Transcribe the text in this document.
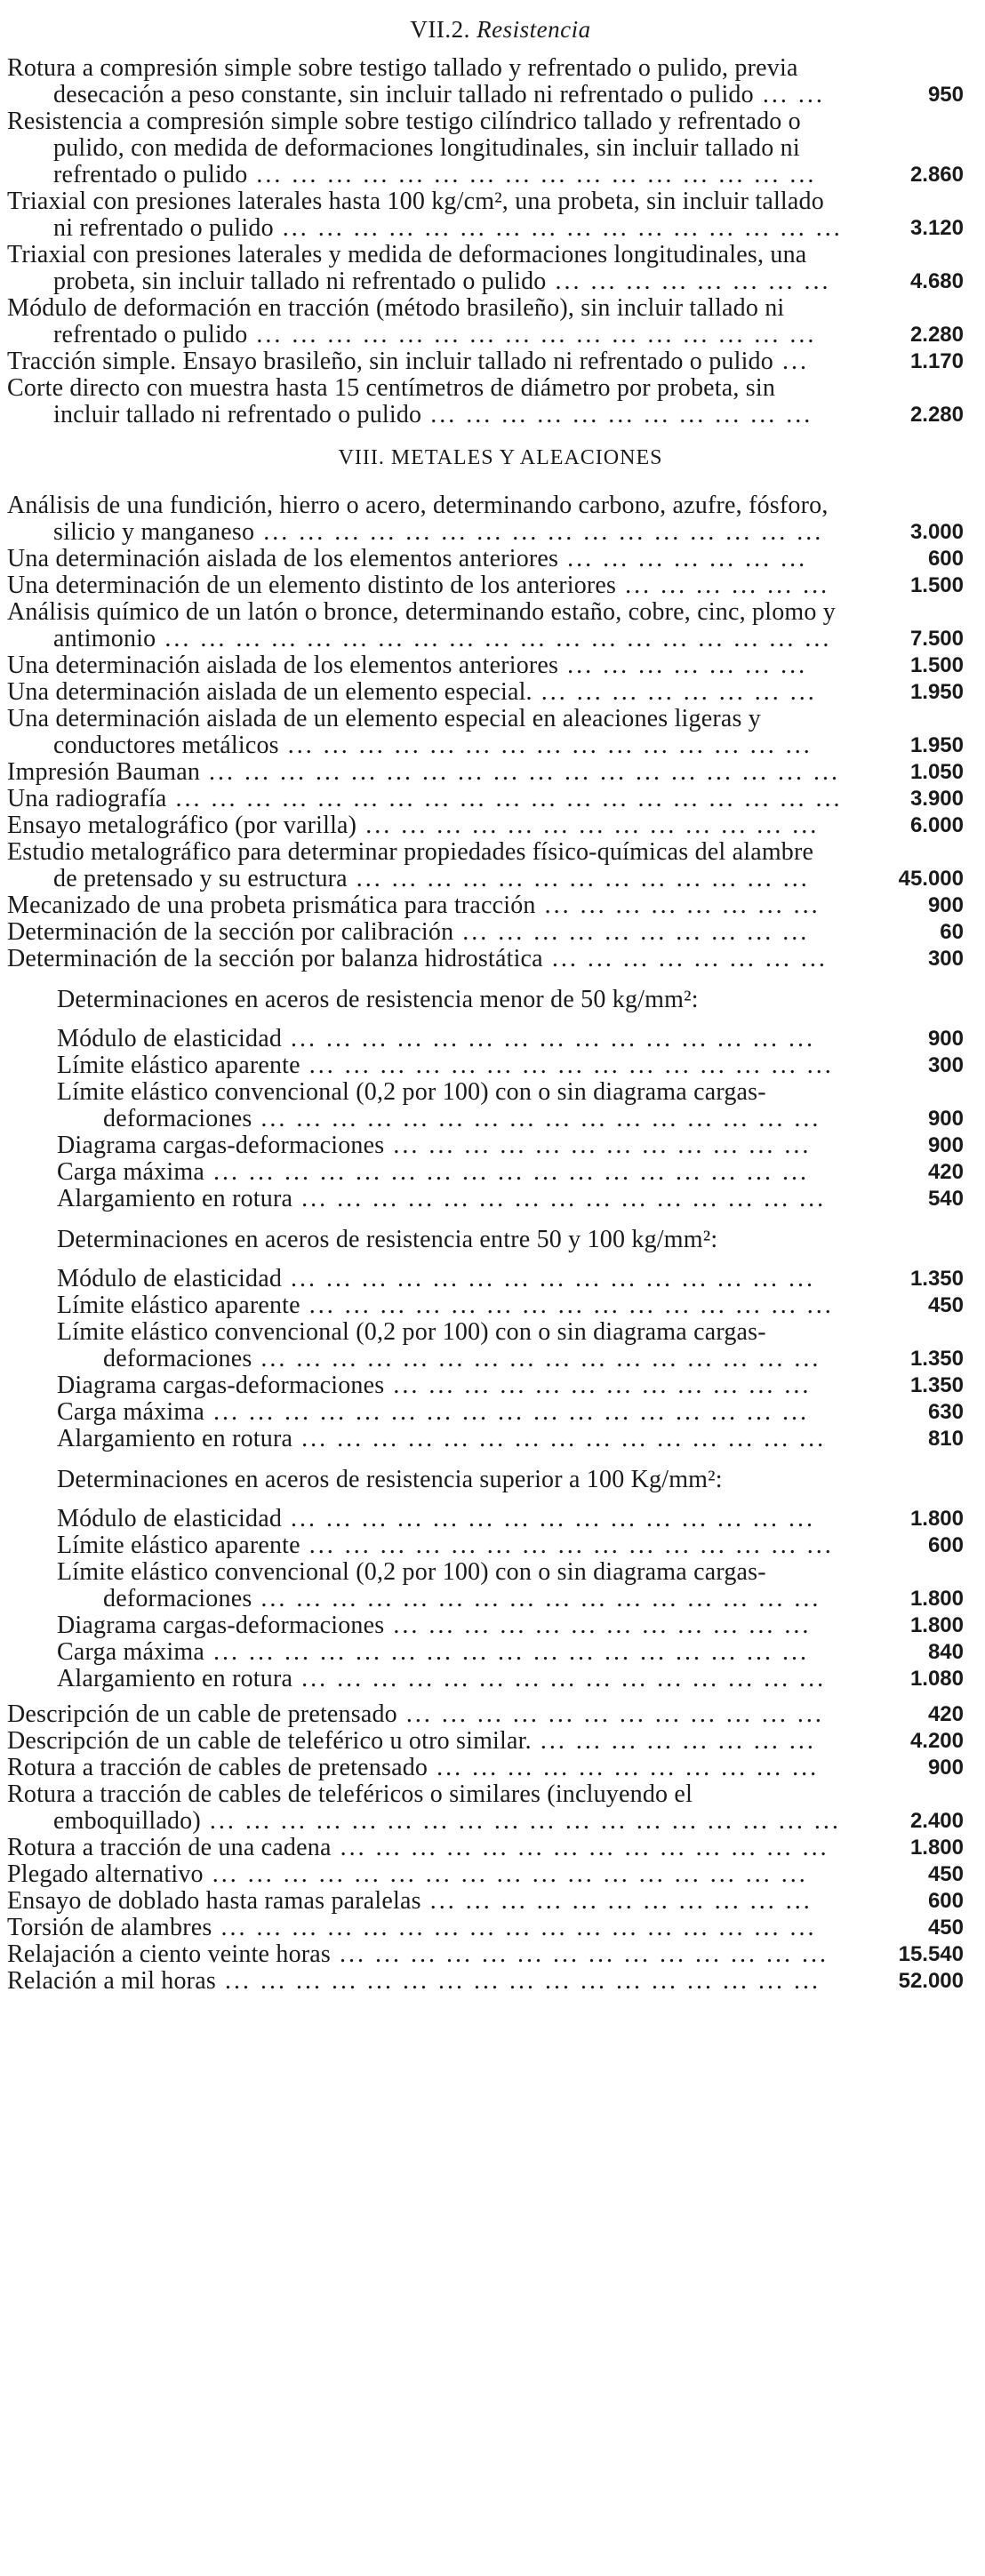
VII.2. Resistencia
Rotura a compresión simple sobre testigo tallado y refrentado o pulido, previa desecación a peso constante, sin incluir tallado ni refrentado o pulido ... ...	950
Resistencia a compresión simple sobre testigo cilíndrico tallado y refrentado o pulido, con medida de deformaciones longitudinales, sin incluir tallado ni refrentado o pulido ... ... ... ... ... ... ... ... ... ... ... ... ... ... ... ...	2.860
Triaxial con presiones laterales hasta 100 kg/cm², una probeta, sin incluir tallado ni refrentado o pulido ... ... ... ... ... ... ... ... ... ... ... ... ... ... ... ...	3.120
Triaxial con presiones laterales y medida de deformaciones longitudinales, una probeta, sin incluir tallado ni refrentado o pulido ... ... ... ... ... ... ... ...	4.680
Módulo de deformación en tracción (método brasileño), sin incluir tallado ni refrentado o pulido ... ... ... ... ... ... ... ... ... ... ... ... ... ... ... ...	2.280
Tracción simple. Ensayo brasileño, sin incluir tallado ni refrentado o pulido ...	1.170
Corte directo con muestra hasta 15 centímetros de diámetro por probeta, sin incluir tallado ni refrentado o pulido ... ... ... ... ... ... ... ... ... ... ...	2.280
VIII. METALES Y ALEACIONES
Análisis de una fundición, hierro o acero, determinando carbono, azufre, fósforo, silicio y manganeso ... ... ... ... ... ... ... ... ... ... ... ... ... ... ... ...	3.000
Una determinación aislada de los elementos anteriores ... ... ... ... ... ... ...	600
Una determinación de un elemento distinto de los anteriores ... ... ... ... ... ...	1.500
Análisis químico de un latón o bronce, determinando estaño, cobre, cinc, plomo y antimonio ... ... ... ... ... ... ... ... ... ... ... ... ... ... ... ... ... ... ...	7.500
Una determinación aislada de los elementos anteriores ... ... ... ... ... ... ...	1.500
Una determinación aislada de un elemento especial. ... ... ... ... ... ... ... ...	1.950
Una determinación aislada de un elemento especial en aleaciones ligeras y conductores metálicos ... ... ... ... ... ... ... ... ... ... ... ... ... ... ...	1.950
Impresión Bauman ... ... ... ... ... ... ... ... ... ... ... ... ... ... ... ... ... ...	1.050
Una radiografía ... ... ... ... ... ... ... ... ... ... ... ... ... ... ... ... ... ... ...	3.900
Ensayo metalográfico (por varilla) ... ... ... ... ... ... ... ... ... ... ... ... ...	6.000
Estudio metalográfico para determinar propiedades físico-químicas del alambre de pretensado y su estructura ... ... ... ... ... ... ... ... ... ... ... ... ...	45.000
Mecanizado de una probeta prismática para tracción ... ... ... ... ... ... ... ...	900
Determinación de la sección por calibración ... ... ... ... ... ... ... ... ... ...	60
Determinación de la sección por balanza hidrostática ... ... ... ... ... ... ... ...	300
Determinaciones en aceros de resistencia menor de 50 kg/mm²:
Módulo de elasticidad ... ... ... ... ... ... ... ... ... ... ... ... ... ... ...	900
Límite elástico aparente ... ... ... ... ... ... ... ... ... ... ... ... ... ... ...	300
Límite elástico convencional (0,2 por 100) con o sin diagrama cargas-deformaciones ... ... ... ... ... ... ... ... ... ... ... ... ... ... ... ...	900
Diagrama cargas-deformaciones ... ... ... ... ... ... ... ... ... ... ... ...	900
Carga máxima ... ... ... ... ... ... ... ... ... ... ... ... ... ... ... ... ...	420
Alargamiento en rotura ... ... ... ... ... ... ... ... ... ... ... ... ... ... ...	540
Determinaciones en aceros de resistencia entre 50 y 100 kg/mm²:
Módulo de elasticidad ... ... ... ... ... ... ... ... ... ... ... ... ... ... ...	1.350
Límite elástico aparente ... ... ... ... ... ... ... ... ... ... ... ... ... ... ...	450
Límite elástico convencional (0,2 por 100) con o sin diagrama cargas-deformaciones ... ... ... ... ... ... ... ... ... ... ... ... ... ... ... ...	1.350
Diagrama cargas-deformaciones ... ... ... ... ... ... ... ... ... ... ... ...	1.350
Carga máxima ... ... ... ... ... ... ... ... ... ... ... ... ... ... ... ... ...	630
Alargamiento en rotura ... ... ... ... ... ... ... ... ... ... ... ... ... ... ...	810
Determinaciones en aceros de resistencia superior a 100 Kg/mm²:
Módulo de elasticidad ... ... ... ... ... ... ... ... ... ... ... ... ... ... ...	1.800
Límite elástico aparente ... ... ... ... ... ... ... ... ... ... ... ... ... ... ...	600
Límite elástico convencional (0,2 por 100) con o sin diagrama cargas-deformaciones ... ... ... ... ... ... ... ... ... ... ... ... ... ... ... ...	1.800
Diagrama cargas-deformaciones ... ... ... ... ... ... ... ... ... ... ... ...	1.800
Carga máxima ... ... ... ... ... ... ... ... ... ... ... ... ... ... ... ... ...	840
Alargamiento en rotura ... ... ... ... ... ... ... ... ... ... ... ... ... ... ...	1.080
Descripción de un cable de pretensado ... ... ... ... ... ... ... ... ... ... ... ...	420
Descripción de un cable de teleférico u otro similar. ... ... ... ... ... ... ... ...	4.200
Rotura a tracción de cables de pretensado ... ... ... ... ... ... ... ... ... ... ...	900
Rotura a tracción de cables de teleféricos o similares (incluyendo el emboquillado) ... ... ... ... ... ... ... ... ... ... ... ... ... ... ... ... ... ...	2.400
Rotura a tracción de una cadena ... ... ... ... ... ... ... ... ... ... ... ... ... ...	1.800
Plegado alternativo ... ... ... ... ... ... ... ... ... ... ... ... ... ... ... ... ...	450
Ensayo de doblado hasta ramas paralelas ... ... ... ... ... ... ... ... ... ... ...	600
Torsión de alambres ... ... ... ... ... ... ... ... ... ... ... ... ... ... ... ... ...	450
Relajación a ciento veinte horas ... ... ... ... ... ... ... ... ... ... ... ... ... ...	15.540
Relación a mil horas ... ... ... ... ... ... ... ... ... ... ... ... ... ... ... ... ...	52.000
